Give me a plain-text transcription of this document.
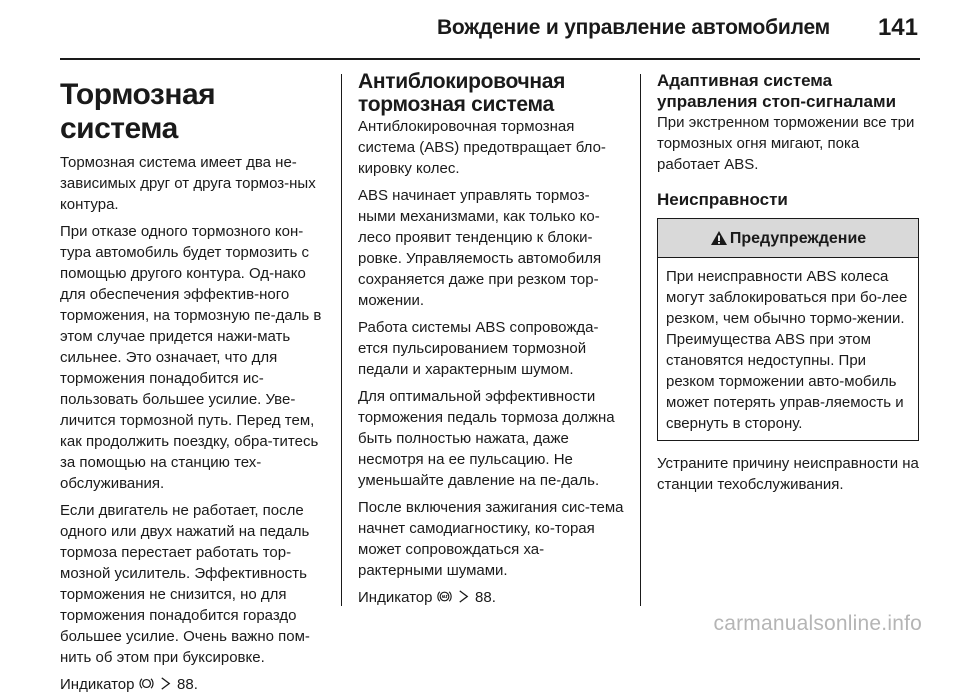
Вождение и управление автомобилем 141
Тормозная система

Тормозная система имеет два не-зависимых друг от друга тормоз-ных контура.

При отказе одного тормозного кон-тура автомобиль будет тормозить с помощью другого контура. Од-нако для обеспечения эффектив-ного торможения, на тормозную пе-даль в этом случае придется нажи-мать сильнее. Это означает, что для торможения понадобится ис-пользовать большее усилие. Уве-личится тормозной путь. Перед тем, как продолжить поездку, обра-титесь за помощью на станцию тех-обслуживания.

Если двигатель не работает, после одного или двух нажатий на педаль тормоза перестает работать тор-мозной усилитель. Эффективность торможения не снизится, но для торможения понадобится гораздо большее усилие. Очень важно пом-нить об этом при буксировке.

Индикатор	88.

Антиблокировочная тормозная система

Антиблокировочная тормозная система (ABS) предотвращает бло-кировку колес.

ABS начинает управлять тормоз-ными механизмами, как только ко-лесо проявит тенденцию к блоки-ровке. Управляемость автомобиля сохраняется даже при резком тор-можении.

Работа системы ABS сопровожда-ется пульсированием тормозной педали и характерным шумом.

Для оптимальной эффективности торможения педаль тормоза должна быть полностью нажата, даже несмотря на ее пульсацию. Не уменьшайте давление на пе-даль.

После включения зажигания сис-тема начнет самодиагностику, ко-торая может сопровождаться ха-рактерными шумами.

Индикатор	88.

Адаптивная система управления стоп-сигналами

При экстренном торможении все три тормозных огня мигают, пока работает ABS.

Неисправности
Предупреждение
При неисправности ABS колеса могут заблокироваться при бо-лее резком, чем обычно тормо-жении. Преимущества ABS при этом становятся недоступны. При резком торможении авто-мобиль может потерять управ-ляемость и свернуть в сторону.

Устраните причину неисправности на станции техобслуживания.

carmanualsonline.info
